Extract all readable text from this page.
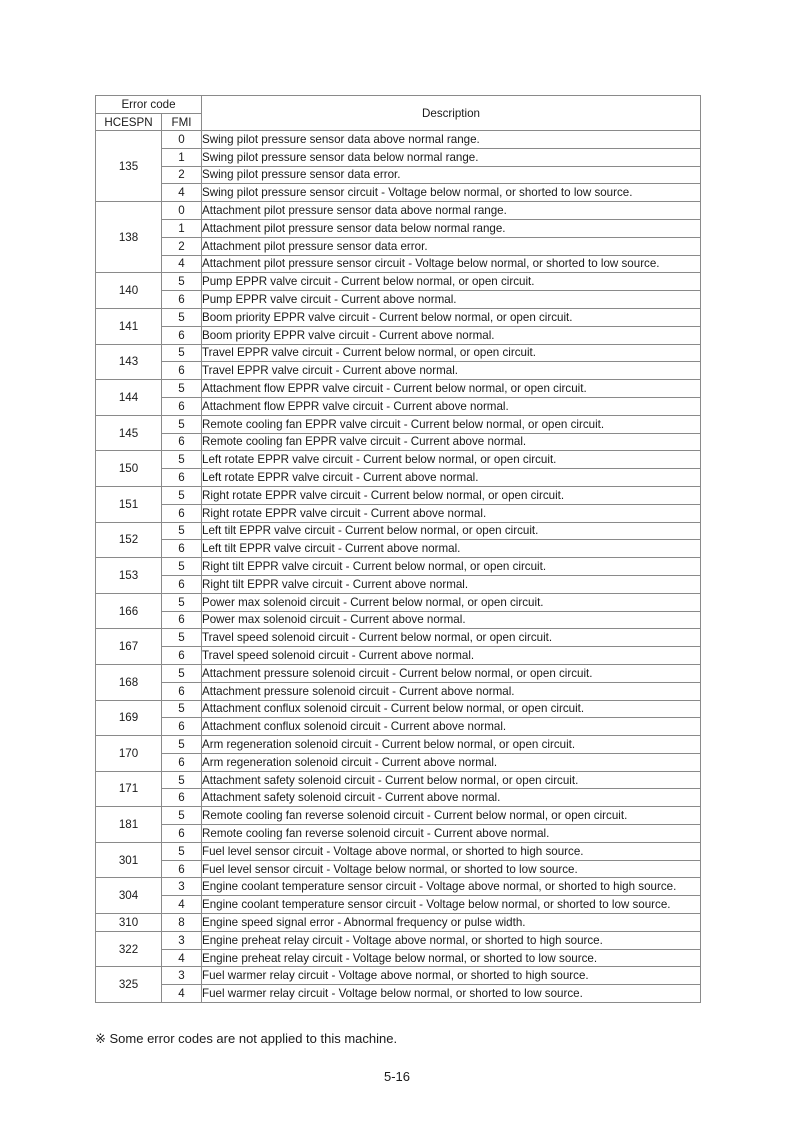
Error code		Description
HCESPN	FMI	
135	0	Swing pilot pressure sensor data above normal range.
	1	Swing pilot pressure sensor data below normal range.
	2	Swing pilot pressure sensor data error.
	4	Swing pilot pressure sensor circuit - Voltage below normal, or shorted to low source.
138	0	Attachment pilot pressure sensor data above normal range.
	1	Attachment pilot pressure sensor data below normal range.
	2	Attachment pilot pressure sensor data error.
	4	Attachment pilot pressure sensor circuit - Voltage below normal, or shorted to low source.
140	5	Pump EPPR valve circuit - Current below normal, or open circuit.
	6	Pump EPPR valve circuit - Current above normal.
141	5	Boom priority EPPR valve circuit - Current below normal, or open circuit.
	6	Boom priority EPPR valve circuit - Current above normal.
143	5	Travel EPPR valve circuit - Current below normal, or open circuit.
	6	Travel EPPR valve circuit - Current above normal.
144	5	Attachment flow EPPR valve circuit - Current below normal, or open circuit.
	6	Attachment flow EPPR valve circuit - Current above normal.
145	5	Remote cooling fan EPPR valve circuit - Current below normal, or open circuit.
	6	Remote cooling fan EPPR valve circuit - Current above normal.
150	5	Left rotate EPPR valve circuit - Current below normal, or open circuit.
	6	Left rotate EPPR valve circuit - Current above normal.
151	5	Right rotate EPPR valve circuit - Current below normal, or open circuit.
	6	Right rotate EPPR valve circuit - Current above normal.
152	5	Left tilt EPPR valve circuit - Current below normal, or open circuit.
	6	Left tilt EPPR valve circuit - Current above normal.
153	5	Right tilt EPPR valve circuit - Current below normal, or open circuit.
	6	Right tilt EPPR valve circuit - Current above normal.
166	5	Power max solenoid circuit - Current below normal, or open circuit.
	6	Power max solenoid circuit - Current above normal.
167	5	Travel speed solenoid circuit - Current below normal, or open circuit.
	6	Travel speed solenoid circuit - Current above normal.
168	5	Attachment pressure solenoid circuit - Current below normal, or open circuit.
	6	Attachment pressure solenoid circuit - Current above normal.
169	5	Attachment conflux solenoid circuit - Current below normal, or open circuit.
	6	Attachment conflux solenoid circuit - Current above normal.
170	5	Arm regeneration solenoid circuit - Current below normal, or open circuit.
	6	Arm regeneration solenoid circuit - Current above normal.
171	5	Attachment safety solenoid circuit - Current below normal, or open circuit.
	6	Attachment safety solenoid circuit - Current above normal.
181	5	Remote cooling fan reverse solenoid circuit - Current below normal, or open circuit.
	6	Remote cooling fan reverse solenoid circuit - Current above normal.
301	5	Fuel level sensor circuit - Voltage above normal, or shorted to high source.
	6	Fuel level sensor circuit - Voltage below normal, or shorted to low source.
304	3	Engine coolant temperature sensor circuit - Voltage above normal, or shorted to high source.
	4	Engine coolant temperature sensor circuit - Voltage below normal, or shorted to low source.
310	8	Engine speed signal error - Abnormal frequency or pulse width.
322	3	Engine preheat relay circuit - Voltage above normal, or shorted to high source.
	4	Engine preheat relay circuit - Voltage below normal, or shorted to low source.
325	3	Fuel warmer relay circuit - Voltage above normal, or shorted to high source.
	4	Fuel warmer relay circuit - Voltage below normal, or shorted to low source.
※ Some error codes are not applied to this machine.
5-16
